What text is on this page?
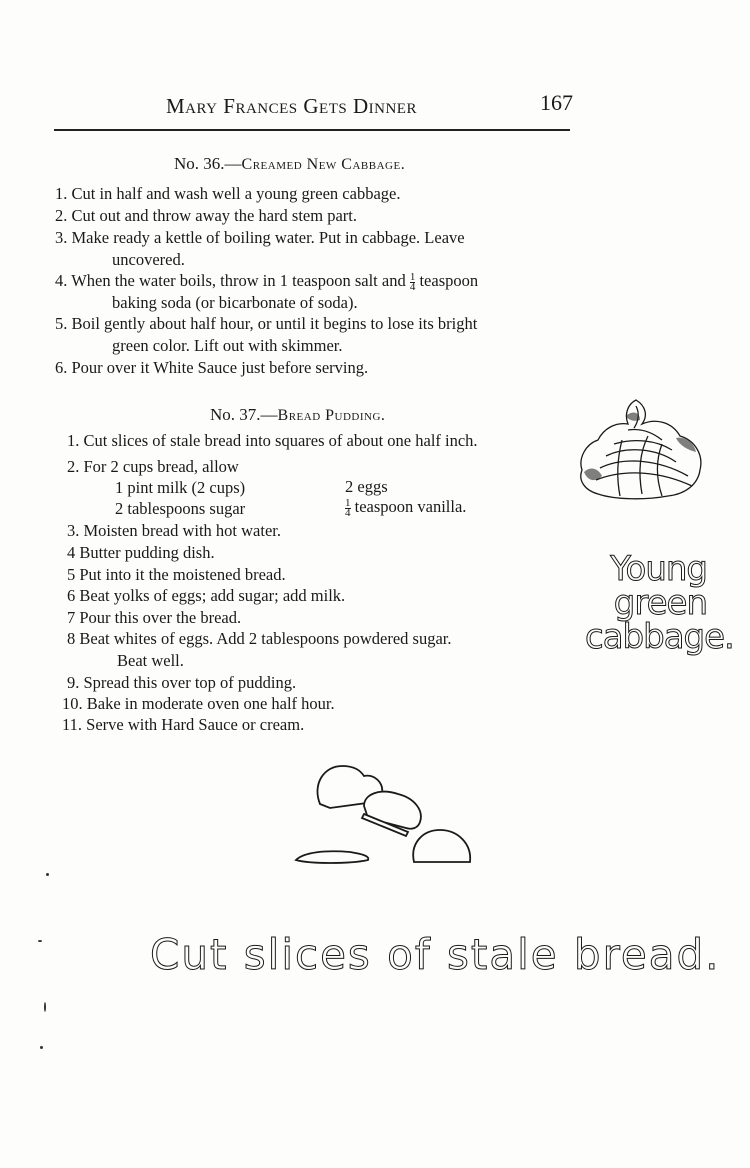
Mary Frances Gets Dinner	167
No. 36.—Creamed New Cabbage.
1. Cut in half and wash well a young green cabbage.
2. Cut out and throw away the hard stem part.
3. Make ready a kettle of boiling water. Put in cabbage. Leave
uncovered.
4. When the water boils, throw in 1 teaspoon salt and $\frac{1}{4}$ teaspoon
baking soda (or bicarbonate of soda).
5. Boil gently about half hour, or until it begins to lose its bright
green color. Lift out with skimmer.
6. Pour over it White Sauce just before serving.
No. 37.—Bread Pudding.
1. Cut slices of stale bread into squares of about one half inch.
2. For 2 cups bread, allow
1 pint milk (2 cups)	2 eggs
2 tablespoons sugar	$\frac{1}{4}$ teaspoon vanilla.
3. Moisten bread with hot water.
4 Butter pudding dish.
5 Put into it the moistened bread.
6 Beat yolks of eggs; add sugar; add milk.
7 Pour this over the bread.
8 Beat whites of eggs. Add 2 tablespoons powdered sugar.
Beat well.
9. Spread this over top of pudding.
10. Bake in moderate oven one half hour.
11. Serve with Hard Sauce or cream.
Young
green
cabbage.
Cut slices of stale bread.
